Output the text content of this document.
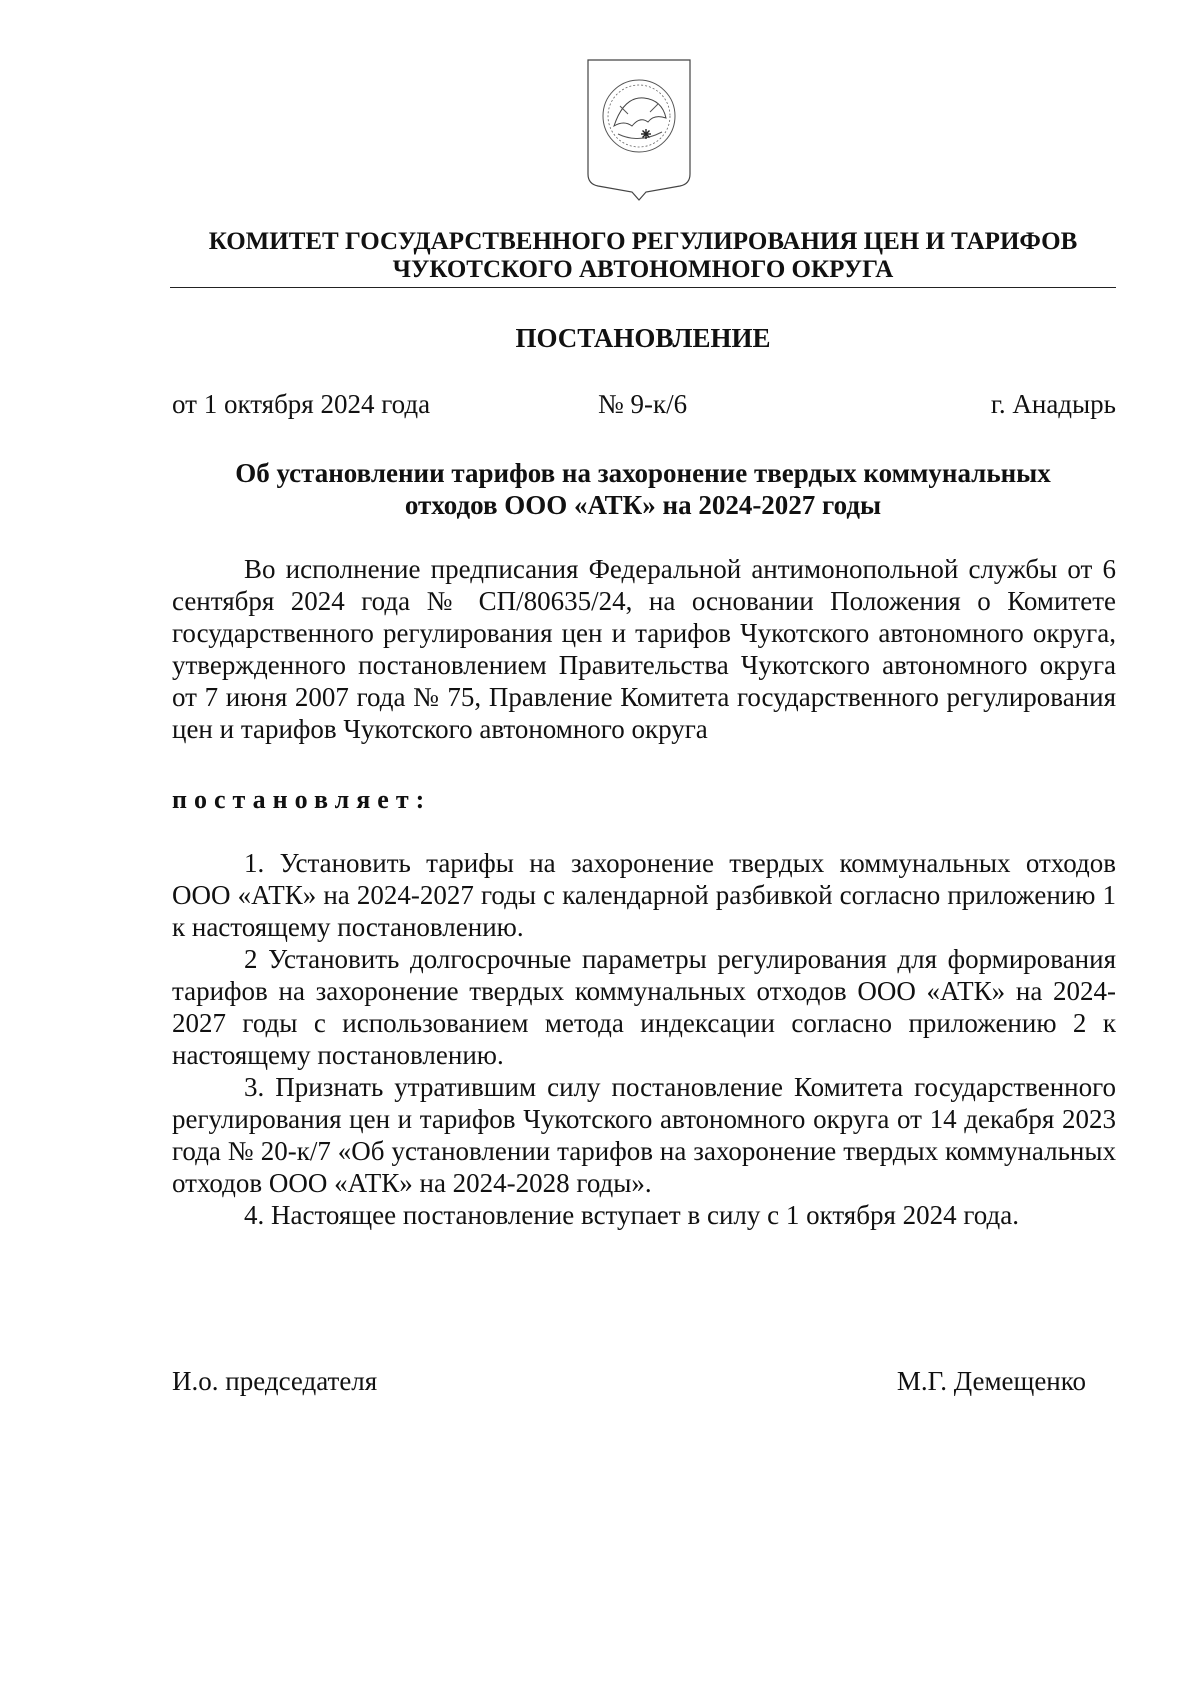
КОМИТЕТ ГОСУДАРСТВЕННОГО РЕГУЛИРОВАНИЯ ЦЕН И ТАРИФОВ
ЧУКОТСКОГО АВТОНОМНОГО ОКРУГА
ПОСТАНОВЛЕНИЕ
от 1 октября 2024 года	№ 9-к/6	г. Анадырь
Об установлении тарифов на захоронение твердых коммунальных
отходов ООО «АТК» на 2024-2027 годы

Во исполнение предписания Федеральной антимонопольной службы от 6 сентября 2024 года № СП/80635/24, на основании Положения о Комитете государственного регулирования цен и тарифов Чукотского автономного округа, утвержденного постановлением Правительства Чукотского автономного округа от 7 июня 2007 года № 75, Правление Комитета государственного регулирования цен и тарифов Чукотского автономного округа

постановляет:

1. Установить тарифы на захоронение твердых коммунальных отходов ООО «АТК» на 2024-2027 годы с календарной разбивкой согласно приложению 1 к настоящему постановлению.

2 Установить долгосрочные параметры регулирования для формирования тарифов на захоронение твердых коммунальных отходов ООО «АТК» на 2024-2027 годы с использованием метода индексации согласно приложению 2 к настоящему постановлению.

3. Признать утратившим силу постановление Комитета государственного регулирования цен и тарифов Чукотского автономного округа от 14 декабря 2023 года № 20-к/7 «Об установлении тарифов на захоронение твердых коммунальных отходов ООО «АТК» на 2024-2028 годы».

4. Настоящее постановление вступает в силу с 1 октября 2024 года.

И.о. председателя	М.Г. Демещенко
